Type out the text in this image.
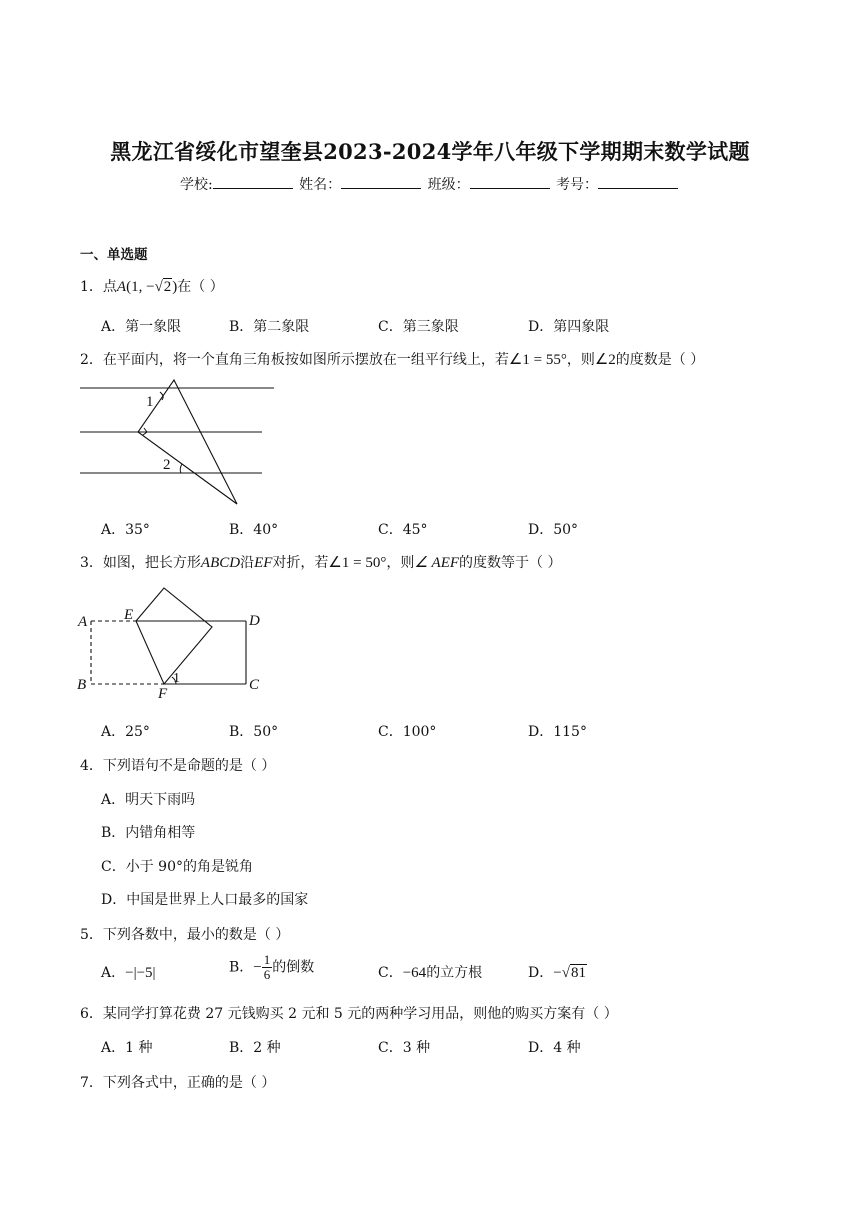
黑龙江省绥化市望奎县2023-2024学年八年级下学期期末数学试题
学校:	姓名：	班级：	考号：
一、单选题
1．点A(1, −√2)在（ ）
A．第一象限	B．第二象限	C．第三象限	D．第四象限
2．在平面内，将一个直角三角板按如图所示摆放在一组平行线上，若∠1 = 55°，则∠2的度数是（ ）
1
2
A．35°	B．40°	C．45°	D．50°
3．如图，把长方形ABCD沿EF对折，若∠1 = 50°，则∠ AEF的度数等于（ ）
A
B	C
D
E
F
1
A．25°	B．50°	C．100°	D．115°
4．下列语句不是命题的是（ ）
A．明天下雨吗
B．内错角相等
C．小于 90°的角是锐角
D．中国是世界上人口最多的国家
5．下列各数中，最小的数是（ ）
A．−|−5|	B．− $\frac{1}{6}$ 的倒数	C．−64的立方根	D．−√81
6．某同学打算花费 27 元钱购买 2 元和 5 元的两种学习用品，则他的购买方案有（ ）
A．1 种	B．2 种	C．3 种	D．4 种
7．下列各式中，正确的是（ ）
